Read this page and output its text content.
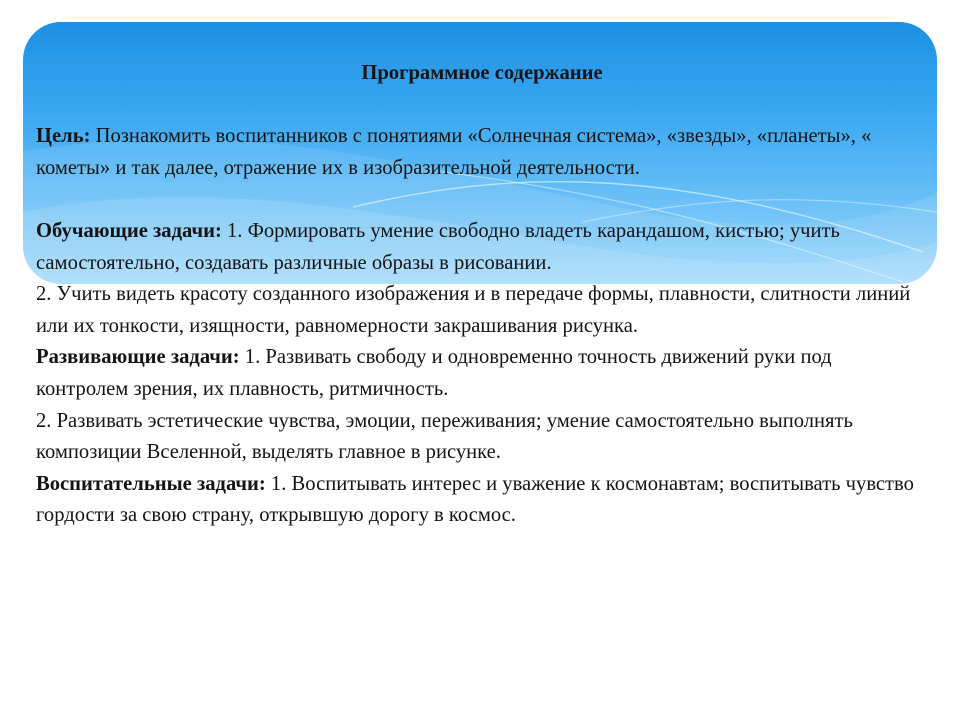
Программное содержание

Цель: Познакомить воспитанников с понятиями «Солнечная система», «звезды», «планеты», « кометы» и так далее, отражение их в изобразительной деятельности.

Обучающие задачи: 1. Формировать умение свободно владеть карандашом, кистью; учить самостоятельно, создавать различные образы в рисовании.

2. Учить видеть красоту созданного изображения и в передаче формы, плавности, слитности линий или их тонкости, изящности, равномерности закрашивания рисунка.

Развивающие задачи: 1. Развивать свободу и одновременно точность движений руки под контролем зрения, их плавность, ритмичность.

2. Развивать эстетические чувства, эмоции, переживания; умение самостоятельно выполнять композиции Вселенной, выделять главное в рисунке.

Воспитательные задачи: 1. Воспитывать интерес и уважение к космонавтам; воспитывать чувство гордости за свою страну, открывшую дорогу в космос.
